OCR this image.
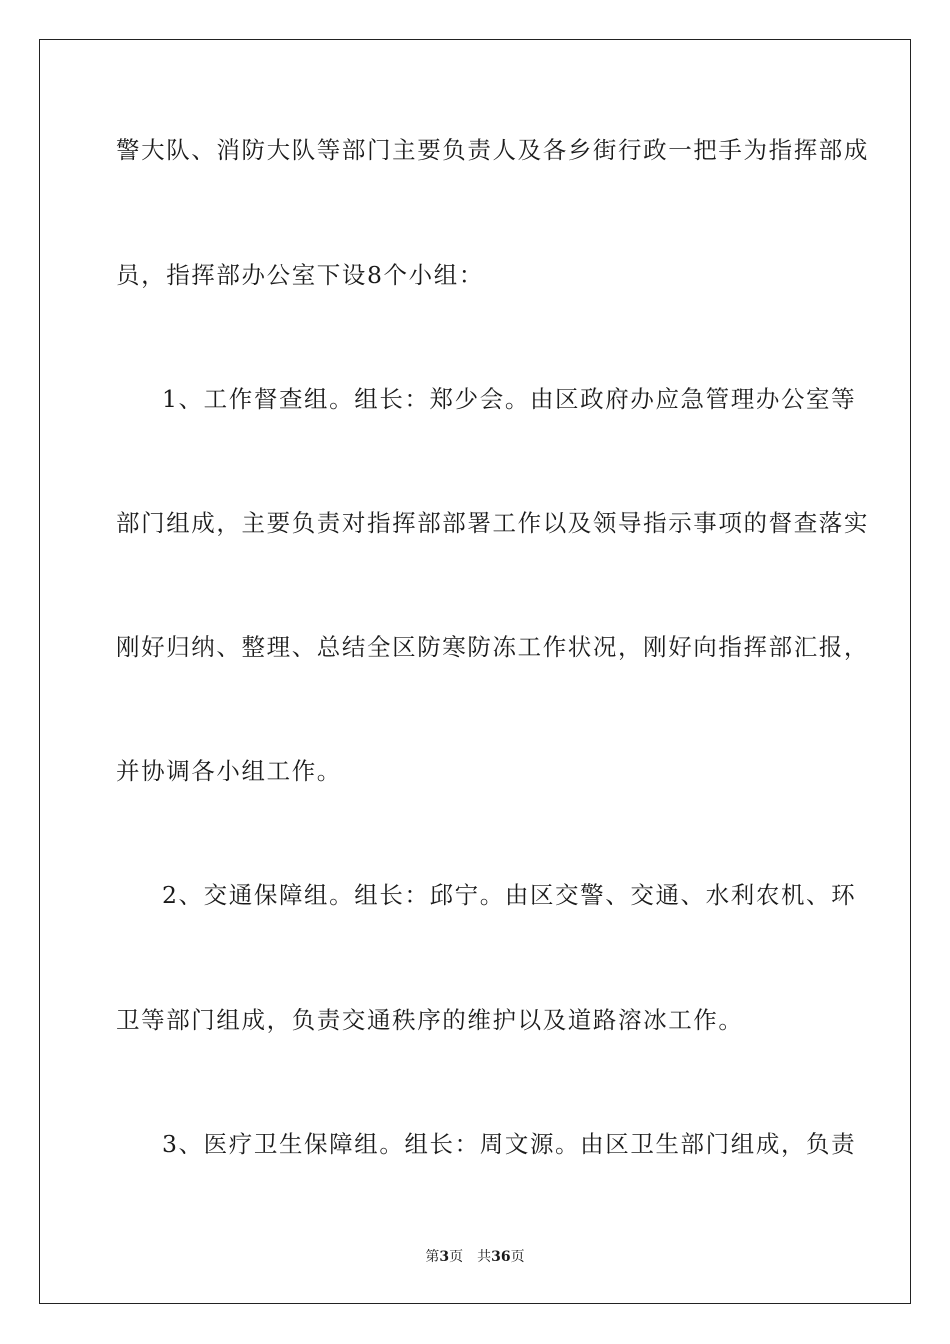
警大队、消防大队等部门主要负责人及各乡街行政一把手为指挥部成
员，指挥部办公室下设8个小组：
1、工作督查组。组长：郑少会。由区政府办应急管理办公室等
部门组成，主要负责对指挥部部署工作以及领导指示事项的督查落实
刚好归纳、整理、总结全区防寒防冻工作状况，刚好向指挥部汇报，
并协调各小组工作。
2、交通保障组。组长：邱宁。由区交警、交通、水利农机、环
卫等部门组成，负责交通秩序的维护以及道路溶冰工作。
3、医疗卫生保障组。组长：周文源。由区卫生部门组成，负责
第3页 共36页
